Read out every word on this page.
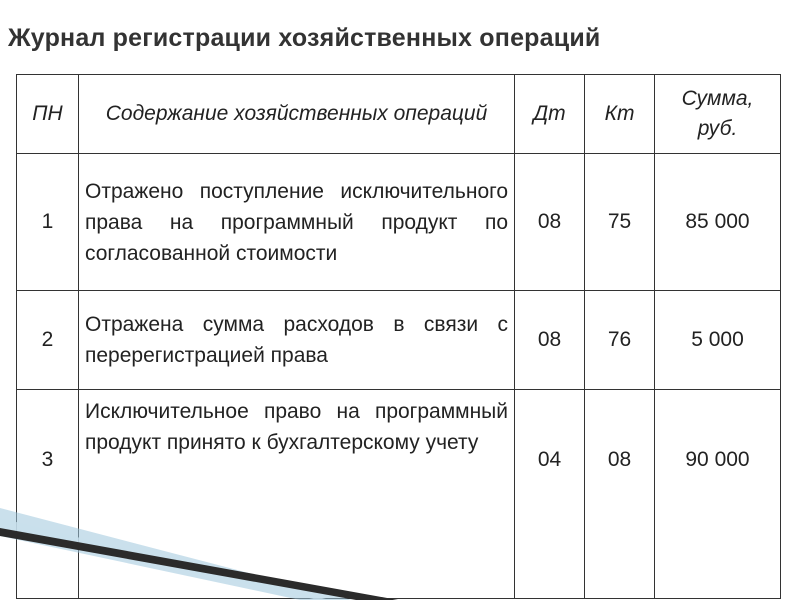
Журнал регистрации хозяйственных операций
ПН	Содержание хозяйственных операций	Дт	Кт	Сумма, руб.
1	Отражено поступление исключительного права на программный продукт по согласованной стоимости	08	75	85 000
2	Отражена сумма расходов в связи с перерегистрацией права	08	76	5 000
3	Исключительное право на программный продукт принято к бухгалтерскому учету	04	08	90 000
